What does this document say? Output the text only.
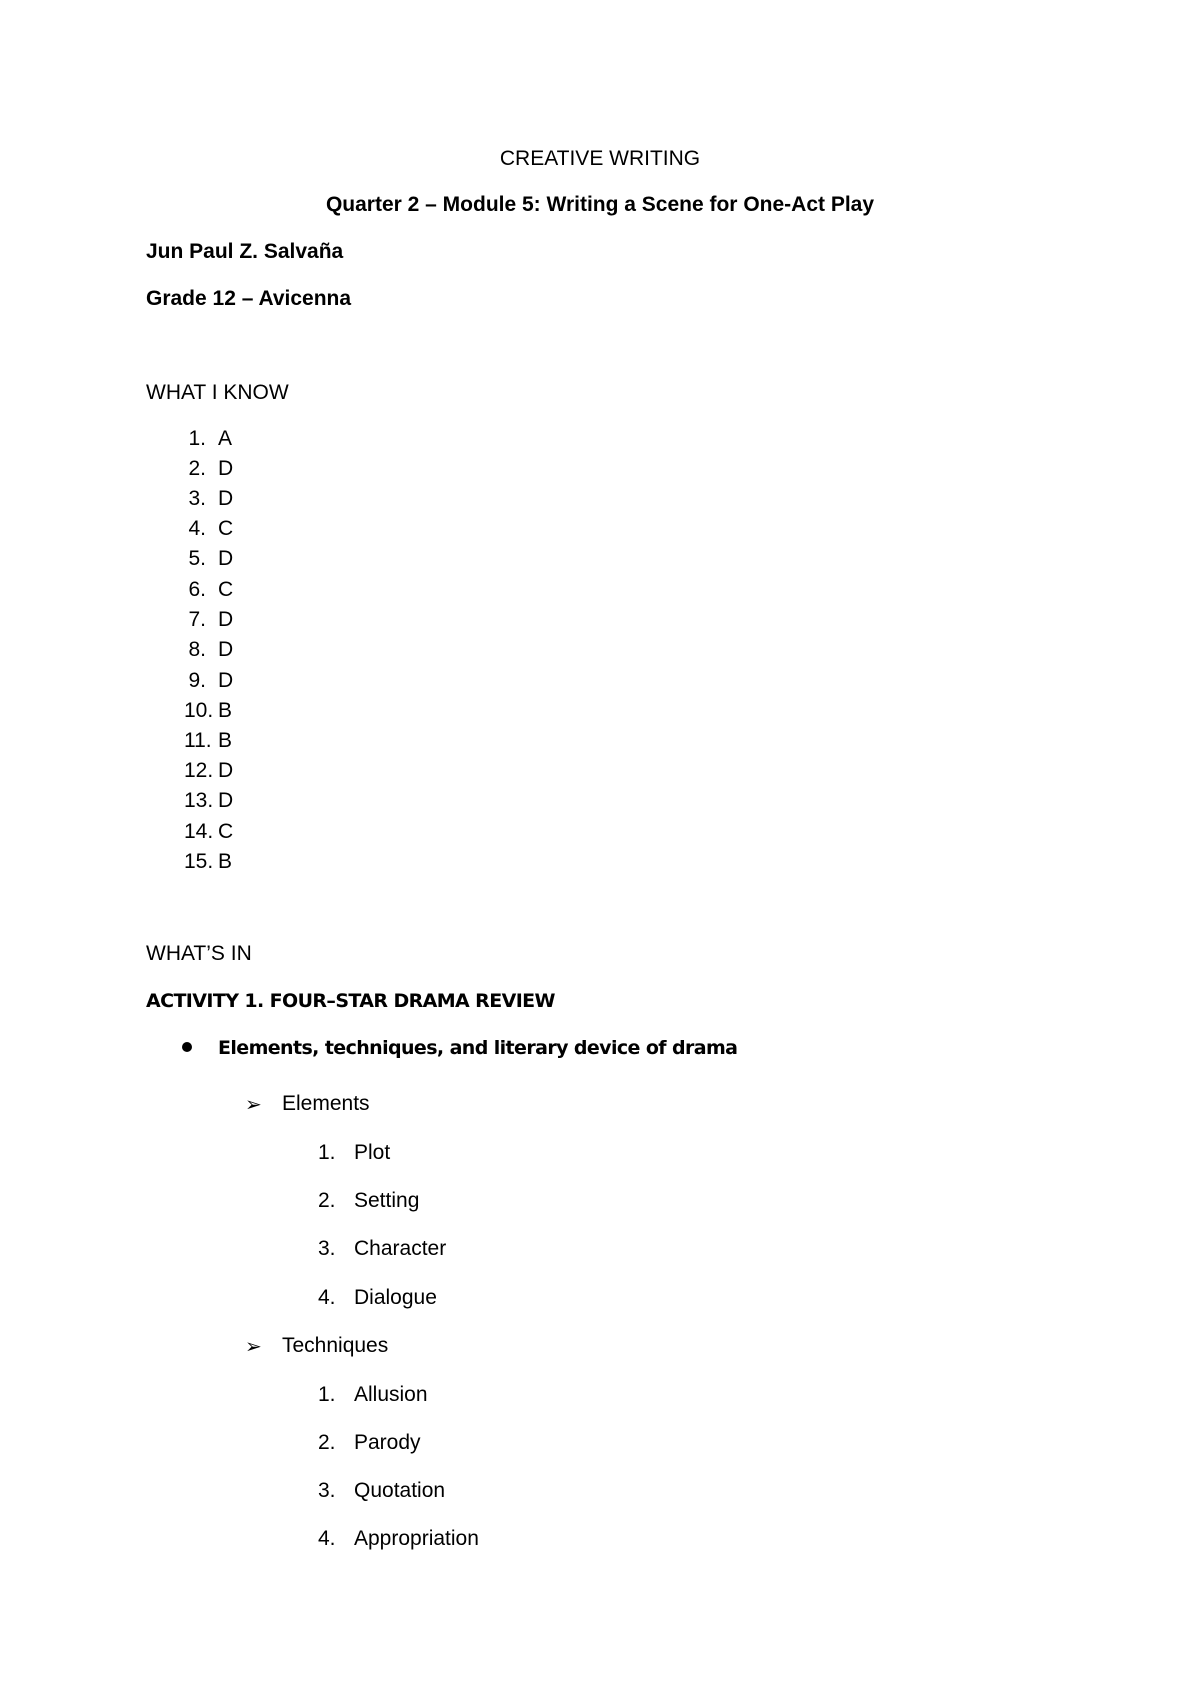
CREATIVE WRITING
Quarter 2 – Module 5: Writing a Scene for One-Act Play
Jun Paul Z. Salvaña
Grade 12 – Avicenna
WHAT I KNOW
1. A
2. D
3. D
4. C
5. D
6. C
7. D
8. D
9. D
10. B
11. B
12. D
13. D
14. C
15. B
WHAT’S IN
ACTIVITY 1. FOUR–STAR DRAMA REVIEW
Elements, techniques, and literary device of drama
➢ Elements
1. Plot
2. Setting
3. Character
4. Dialogue
➢ Techniques
1. Allusion
2. Parody
3. Quotation
4. Appropriation
